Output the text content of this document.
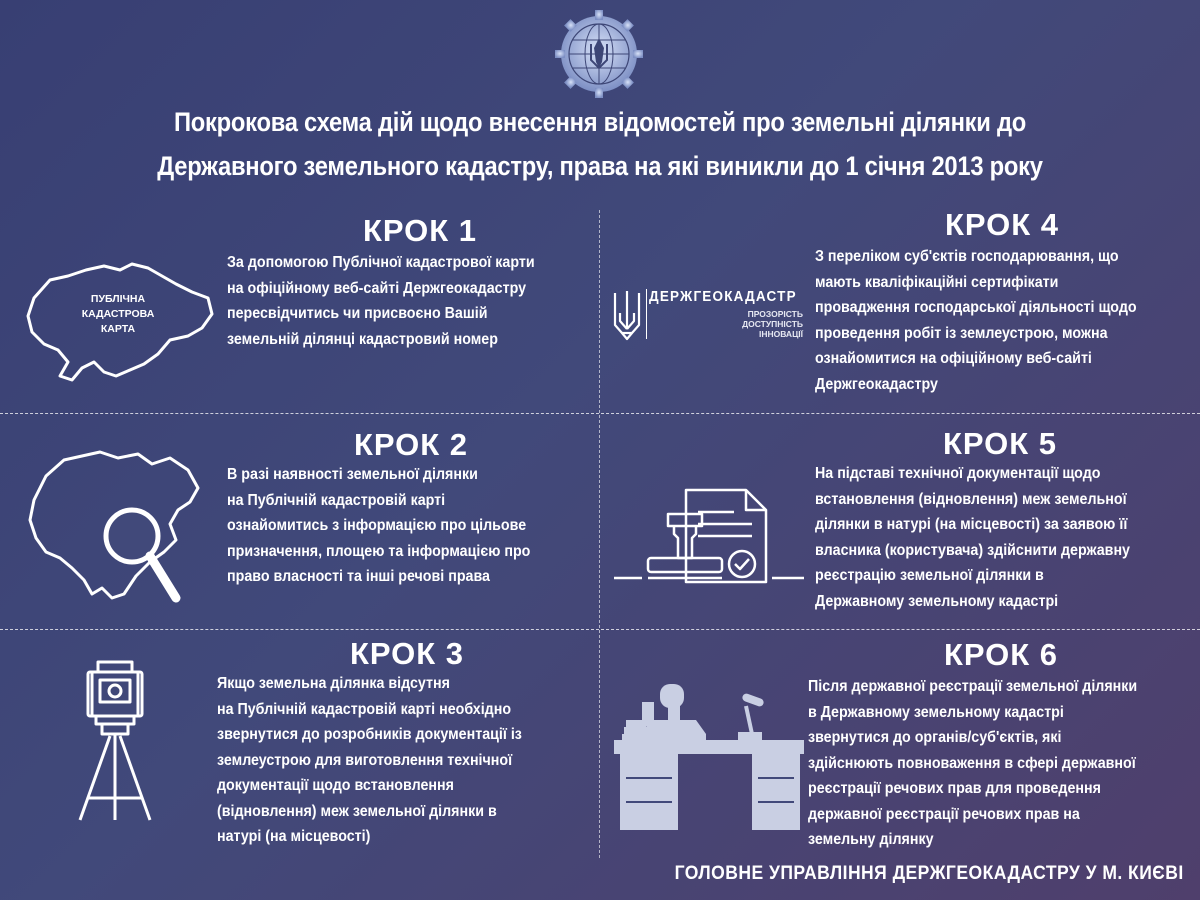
Покрокова схема дій щодо внесення відомостей про земельні ділянки до
Державного земельного кадастру, права на які виникли до 1 січня 2013 року
ПУБЛІЧНА
КАДАСТРОВА
КАРТА
КРОК 1
За допомогою Публічної кадастрової карти
на офіційному веб-сайті Держгеокадастру
пересвідчитись чи присвоєно Вашій
земельній ділянці кадастровий номер
КРОК 2
В разі наявності земельної ділянки
на Публічній кадастровій карті
ознайомитись з інформацією про цільове
призначення, площею та інформацією про
право власності та інші речові права
КРОК 3
Якщо земельна ділянка відсутня
на Публічній кадастровій карті необхідно
звернутися до розробників документації із
землеустрою для виготовлення технічної
документації щодо встановлення
(відновлення) меж земельної ділянки в
натурі (на місцевості)
ДЕРЖГЕОКАДАСТР
ПРОЗОРІСТЬ
ДОСТУПНІСТЬ
ІННОВАЦІЇ
КРОК 4
З переліком суб'єктів господарювання, що
мають кваліфікаційні сертифікати
провадження господарської діяльності щодо
проведення робіт із землеустрою, можна
ознайомитися на офіційному веб-сайті
Держгеокадастру
КРОК 5
На підставі технічної документації щодо
встановлення (відновлення) меж земельної
ділянки в натурі (на місцевості) за заявою її
власника (користувача) здійснити державну
реєстрацію земельної ділянки в
Державному земельному кадастрі
КРОК 6
Після державної реєстрації земельної ділянки
в Державному земельному кадастрі
звернутися до органів/суб'єктів, які
здійснюють повноваження в сфері державної
реєстрації речових прав для проведення
державної реєстрації речових прав на
земельну ділянку
ГОЛОВНЕ УПРАВЛІННЯ ДЕРЖГЕОКАДАСТРУ У М. КИЄВІ
